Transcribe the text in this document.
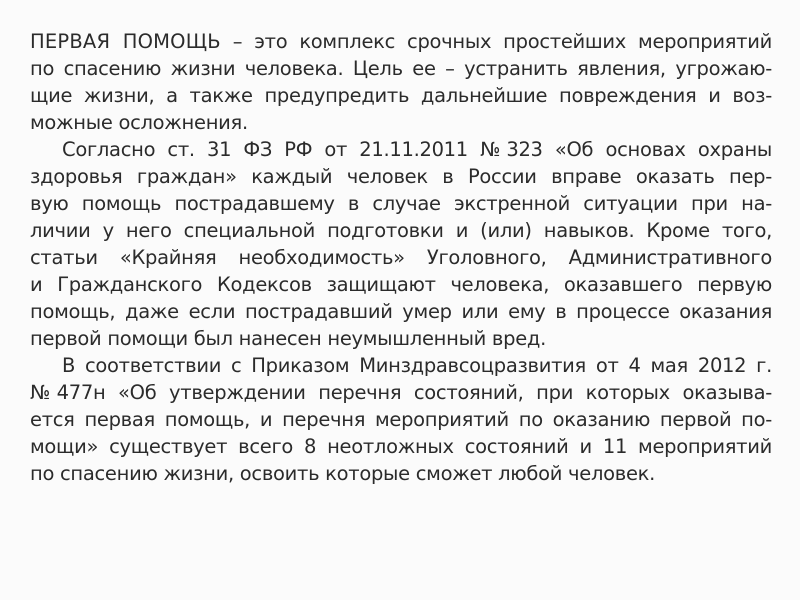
ПЕРВАЯ ПОМОЩЬ – это комплекс срочных простейших мероприятий
по спасению жизни человека. Цель ее – устранить явления, угрожаю-
щие жизни, а также предупредить дальнейшие повреждения и воз-
можные осложнения.
Согласно ст. 31 ФЗ РФ от 21.11.2011 №323 «Об основах охраны
здоровья граждан» каждый человек в России вправе оказать пер-
вую помощь пострадавшему в случае экстренной ситуации при на-
личии у него специальной подготовки и (или) навыков. Кроме того,
статьи «Крайняя необходимость» Уголовного, Административного
и Гражданского Кодексов защищают человека, оказавшего первую
помощь, даже если пострадавший умер или ему в процессе оказания
первой помощи был нанесен неумышленный вред.
В соответствии с Приказом Минздравсоцразвития от 4 мая 2012 г.
№477н «Об утверждении перечня состояний, при которых оказыва-
ется первая помощь, и перечня мероприятий по оказанию первой по-
мощи» существует всего 8 неотложных состояний и 11 мероприятий
по спасению жизни, освоить которые сможет любой человек.
